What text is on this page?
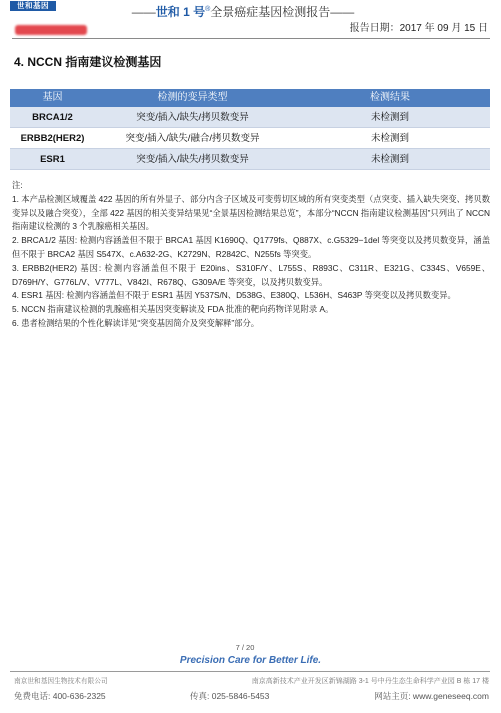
世和基因	——世和 1 号®全景癌症基因检测报告——
报告日期：2017 年 09 月 15 日
4. NCCN 指南建议检测基因
基因	检测的变异类型	检测结果
BRCA1/2	突变/插入/缺失/拷贝数变异	未检测到
ERBB2(HER2)	突变/插入/缺失/融合/拷贝数变异	未检测到
ESR1	突变/插入/缺失/拷贝数变异	未检测到

注:

1. 本产品检测区域覆盖 422 基因的所有外显子、部分内含子区域及可变剪切区域的所有突变类型（点突变、插入缺失突变、拷贝数变异以及融合突变），全部 422 基因的相关变异结果见“全景基因检测结果总览”，本部分“NCCN 指南建议检测基因”只列出了 NCCN 指南建议检测的 3 个乳腺癌相关基因。

2. BRCA1/2 基因: 检测内容涵盖但不限于 BRCA1 基因 K1690Q、Q1779fs、Q887X、c.G5329−1del 等突变以及拷贝数变异，涵盖但不限于 BRCA2 基因 S547X、c.A632-2G、K2729N、R2842C、N255fs 等突变。

3. ERBB2(HER2) 基因: 检测内容涵盖但不限于 E20ins、S310F/Y、L755S、R893C、C311R、E321G、C334S、V659E、D769H/Y、G776L/V、V777L、V842I、R678Q、G309A/E 等突变，以及拷贝数变异。

4. ESR1 基因: 检测内容涵盖但不限于 ESR1 基因 Y537S/N、D538G、E380Q、L536H、S463P 等突变以及拷贝数变异。

5. NCCN 指南建议检测的乳腺癌相关基因突变解读及 FDA 批准的靶向药物详见附录 A。

6. 患者检测结果的个性化解读详见“突变基因简介及突变解释”部分。

7 / 20
Precision Care for Better Life.
南京世和基因生物技术有限公司	南京高新技术产业开发区新锦湖路 3-1 号中丹生态生命科学产业园 B 栋 17 楼
免费电话: 400-636-2325	传真: 025-5846-5453	网站主页: www.geneseeq.com
